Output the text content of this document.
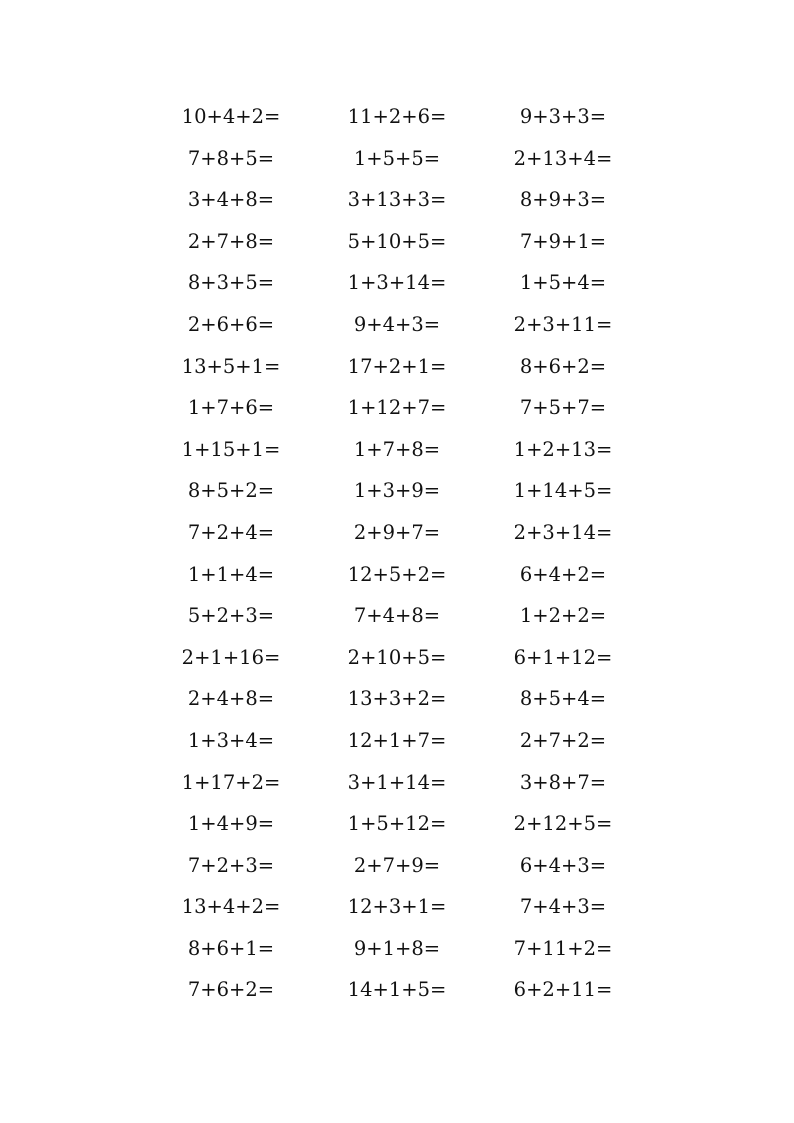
10+4+2=	11+2+6=	9+3+3=
7+8+5=	1+5+5=	2+13+4=
3+4+8=	3+13+3=	8+9+3=
2+7+8=	5+10+5=	7+9+1=
8+3+5=	1+3+14=	1+5+4=
2+6+6=	9+4+3=	2+3+11=
13+5+1=	17+2+1=	8+6+2=
1+7+6=	1+12+7=	7+5+7=
1+15+1=	1+7+8=	1+2+13=
8+5+2=	1+3+9=	1+14+5=
7+2+4=	2+9+7=	2+3+14=
1+1+4=	12+5+2=	6+4+2=
5+2+3=	7+4+8=	1+2+2=
2+1+16=	2+10+5=	6+1+12=
2+4+8=	13+3+2=	8+5+4=
1+3+4=	12+1+7=	2+7+2=
1+17+2=	3+1+14=	3+8+7=
1+4+9=	1+5+12=	2+12+5=
7+2+3=	2+7+9=	6+4+3=
13+4+2=	12+3+1=	7+4+3=
8+6+1=	9+1+8=	7+11+2=
7+6+2=	14+1+5=	6+2+11=
